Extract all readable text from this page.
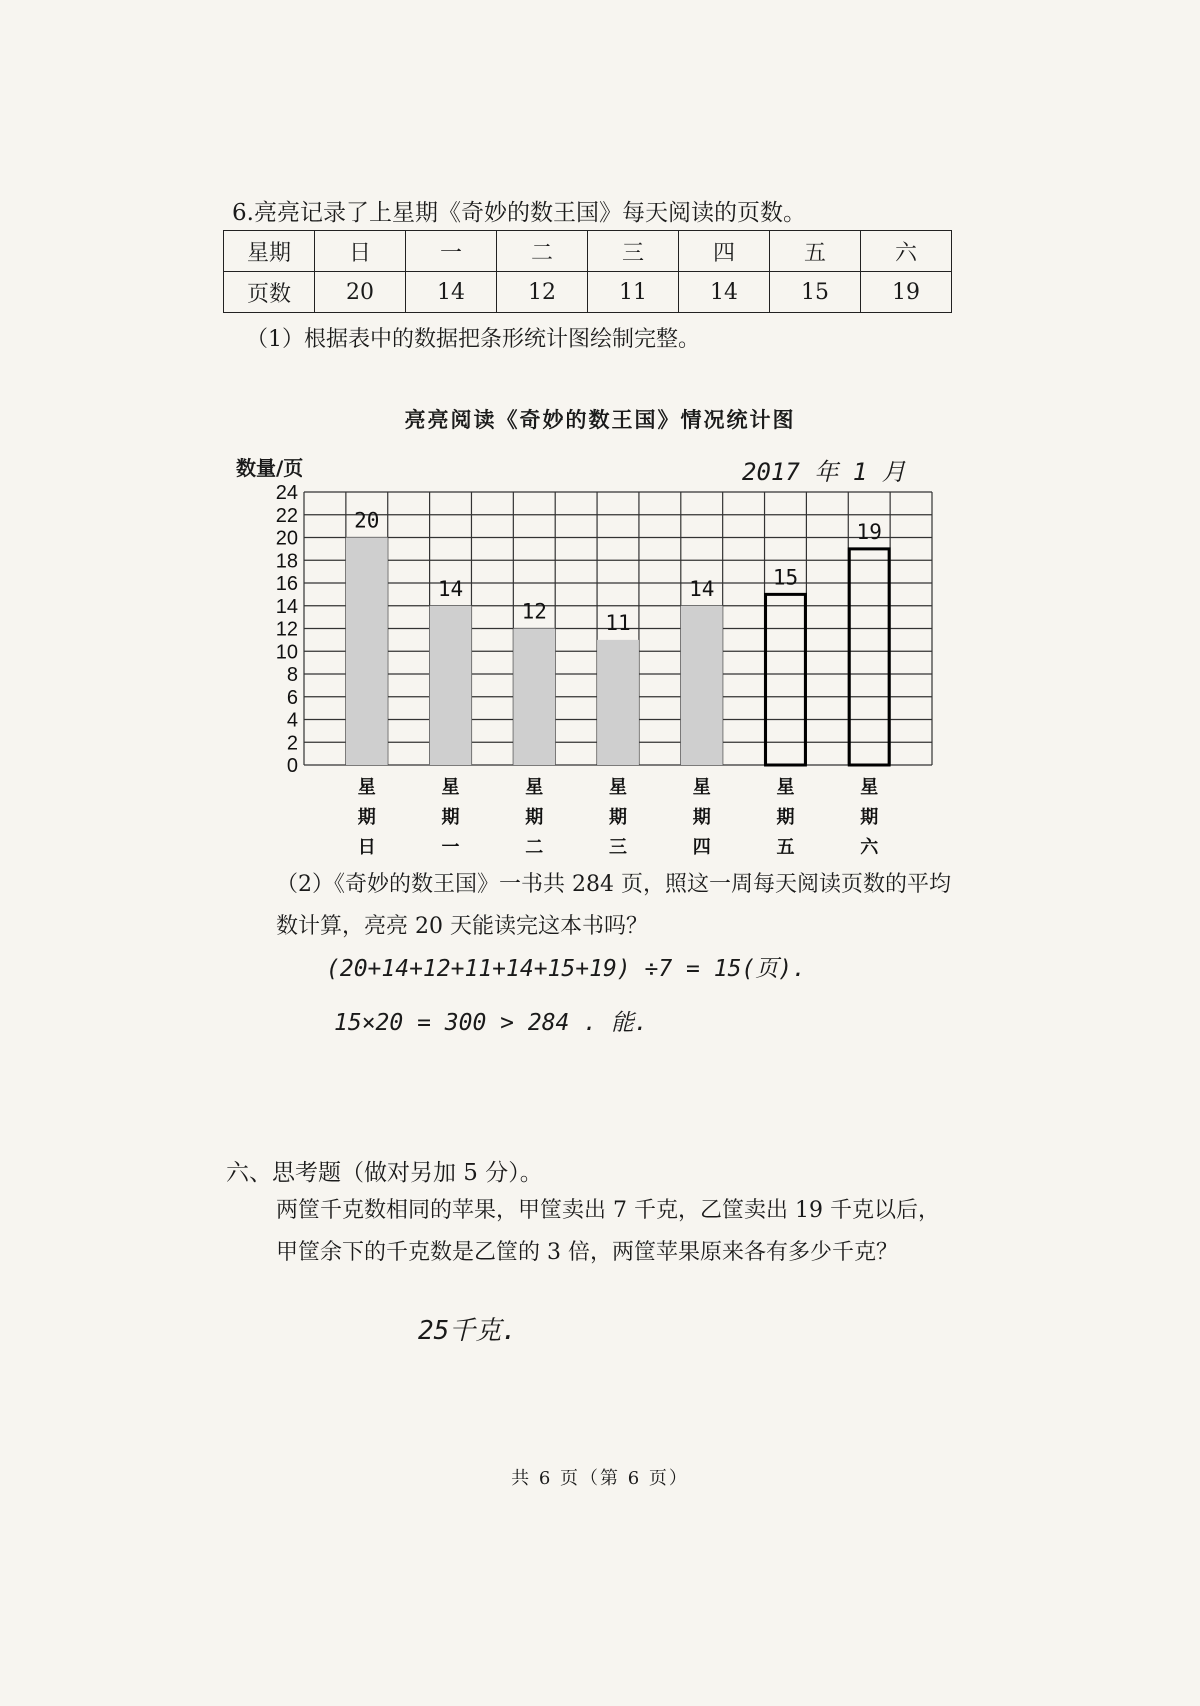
6.亮亮记录了上星期《奇妙的数王国》每天阅读的页数。
星期	日	一	二	三	四	五	六
页数	20	14	12	11	14	15	19
（1）根据表中的数据把条形统计图绘制完整。
亮亮阅读《奇妙的数王国》情况统计图
数量/页	2017 年 1 月
0
2
4
6
8
10
12
14
16
18
20
22
24
20
星
期
日
14
星
期
一
12
星
期
二
11
星
期
三
14
星
期
四
15
星
期
五
19
星
期
六
（2）《奇妙的数王国》一书共 284 页，照这一周每天阅读页数的平均数计算，亮亮 20 天能读完这本书吗？
(20+14+12+11+14+15+19) ÷7 = 15(页).
15×20 = 300 > 284 . 能.
六、思考题（做对另加 5 分）。
两筐千克数相同的苹果，甲筐卖出 7 千克，乙筐卖出 19 千克以后，甲筐余下的千克数是乙筐的 3 倍，两筐苹果原来各有多少千克？
25千克.
共 6 页（第 6 页）
